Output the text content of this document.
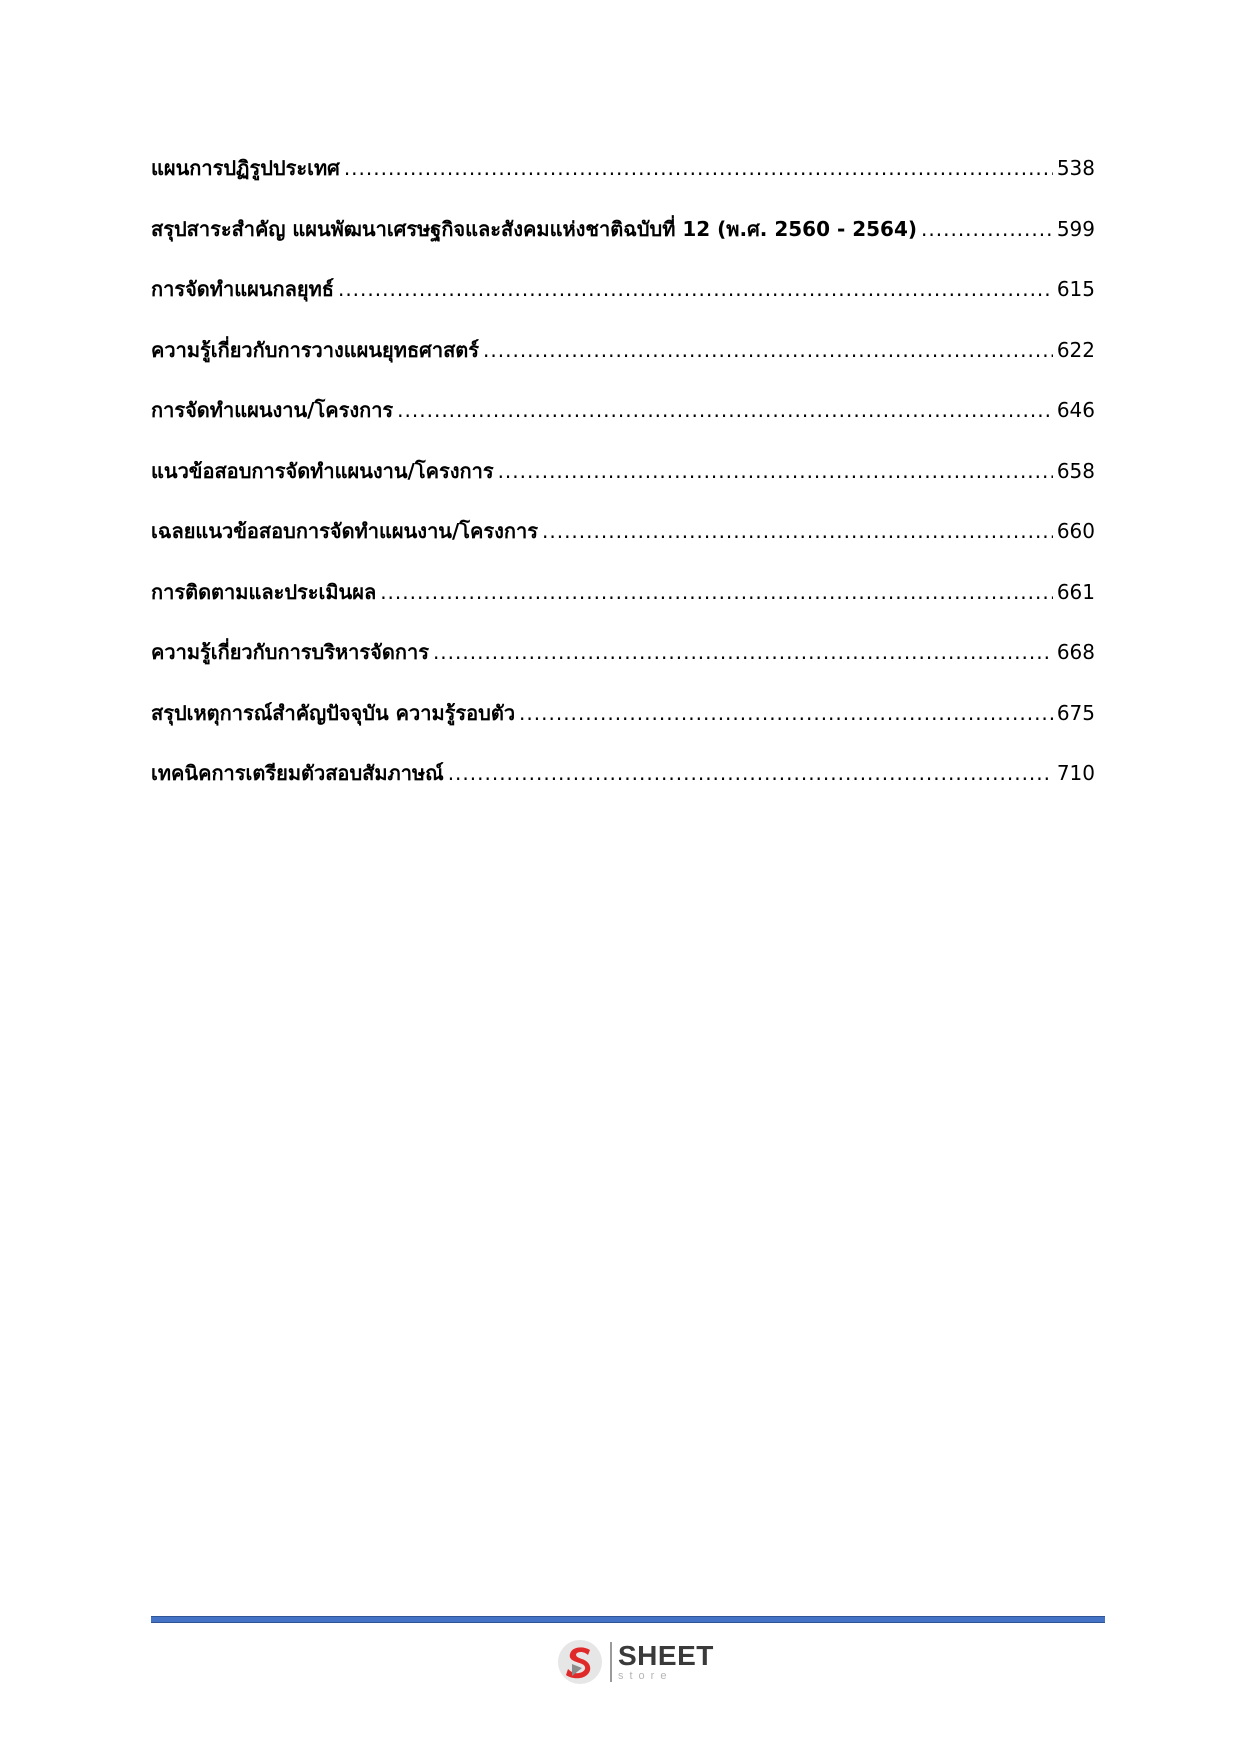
แผนการปฏิรูปประเทศ .....	538
สรุปสาระสำคัญ แผนพัฒนาเศรษฐกิจและสังคมแห่งชาติฉบับที่ 12 (พ.ศ. 2560 - 2564) .....	599
การจัดทำแผนกลยุทธ์ .....	615
ความรู้เกี่ยวกับการวางแผนยุทธศาสตร์ .....	622
การจัดทำแผนงาน/โครงการ .....	646
แนวข้อสอบการจัดทำแผนงาน/โครงการ .....	658
เฉลยแนวข้อสอบการจัดทำแผนงาน/โครงการ .....	660
การติดตามและประเมินผล .....	661
ความรู้เกี่ยวกับการบริหารจัดการ .....	668
สรุปเหตุการณ์สำคัญปัจจุบัน ความรู้รอบตัว .....	675
เทคนิคการเตรียมตัวสอบสัมภาษณ์ .....	710
SHEET
store
